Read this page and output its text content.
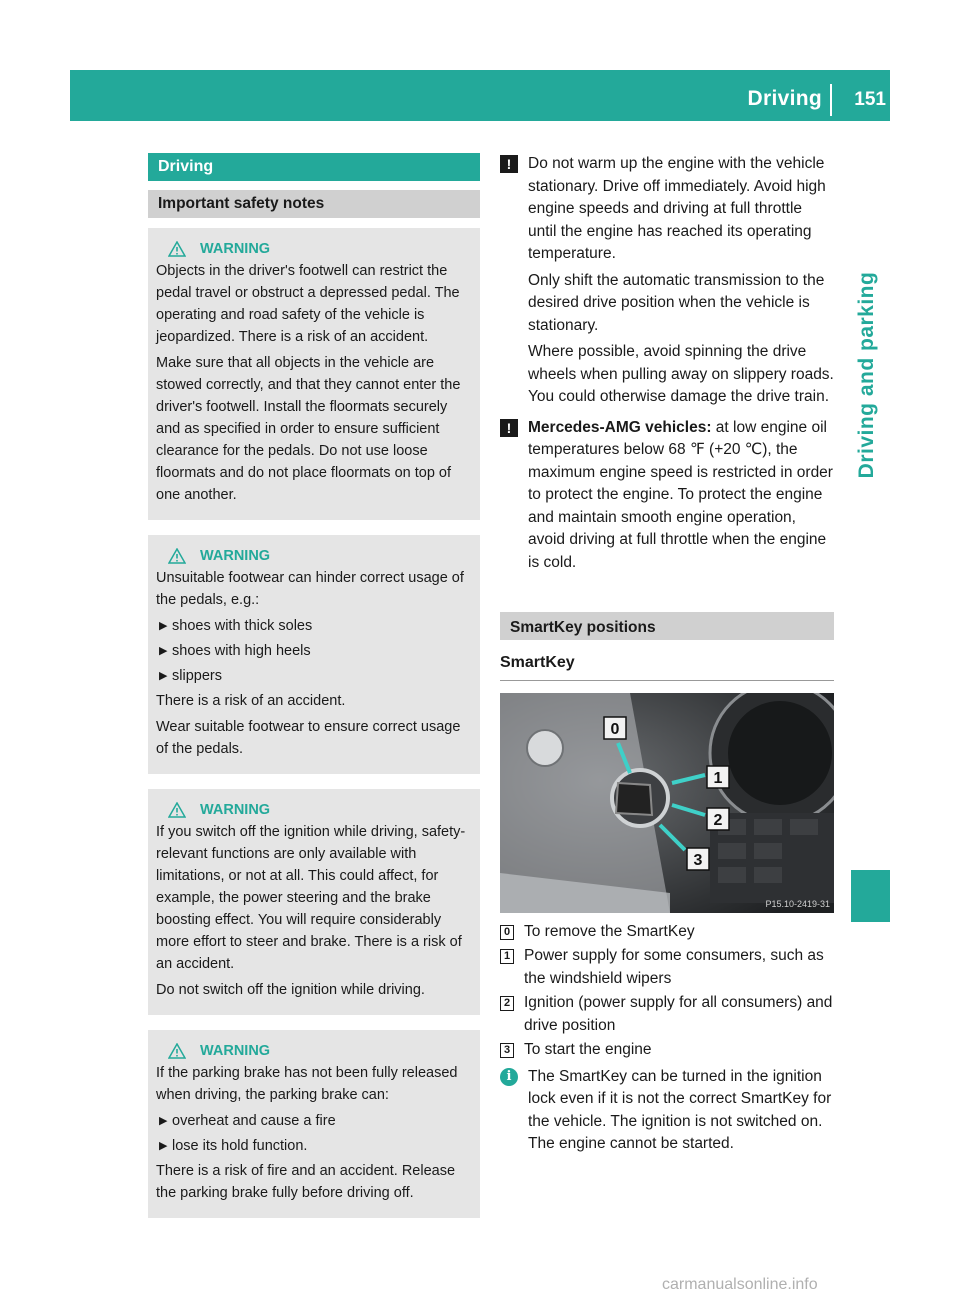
Driving 151
Driving and parking
Driving
Important safety notes
WARNING

Objects in the driver's footwell can restrict the pedal travel or obstruct a depressed pedal. The operating and road safety of the vehicle is jeopardized. There is a risk of an accident.

Make sure that all objects in the vehicle are stowed correctly, and that they cannot enter the driver's footwell. Install the floormats securely and as specified in order to ensure sufficient clearance for the pedals. Do not use loose floormats and do not place floormats on top of one another.

WARNING

Unsuitable footwear can hinder correct usage of the pedals, e.g.:

▶ shoes with thick soles
▶ shoes with high heels
▶ slippers

There is a risk of an accident.

Wear suitable footwear to ensure correct usage of the pedals.

WARNING

If you switch off the ignition while driving, safety-relevant functions are only available with limitations, or not at all. This could affect, for example, the power steering and the brake boosting effect. You will require considerably more effort to steer and brake. There is a risk of an accident.

Do not switch off the ignition while driving.

WARNING

If the parking brake has not been fully released when driving, the parking brake can:

▶ overheat and cause a fire
▶ lose its hold function.

There is a risk of fire and an accident. Release the parking brake fully before driving off.

!	Do not warm up the engine with the vehicle stationary. Drive off immediately. Avoid high engine speeds and driving at full throttle until the engine has reached its operating temperature.

Only shift the automatic transmission to the desired drive position when the vehicle is stationary.

Where possible, avoid spinning the drive wheels when pulling away on slippery roads. You could otherwise damage the drive train.

!	Mercedes-AMG vehicles: at low engine oil temperatures below 68 ℉ (+20 ℃), the maximum engine speed is restricted in order to protect the engine. To protect the engine and maintain smooth engine operation, avoid driving at full throttle when the engine is cold.

SmartKey positions
SmartKey
0
1
2
3
P15.10-2419-31
0 To remove the SmartKey
1 Power supply for some consumers, such as the windshield wipers
2 Ignition (power supply for all consumers) and drive position
3 To start the engine
i	The SmartKey can be turned in the ignition lock even if it is not the correct SmartKey for the vehicle. The ignition is not switched on. The engine cannot be started.
carmanualsonline.info
